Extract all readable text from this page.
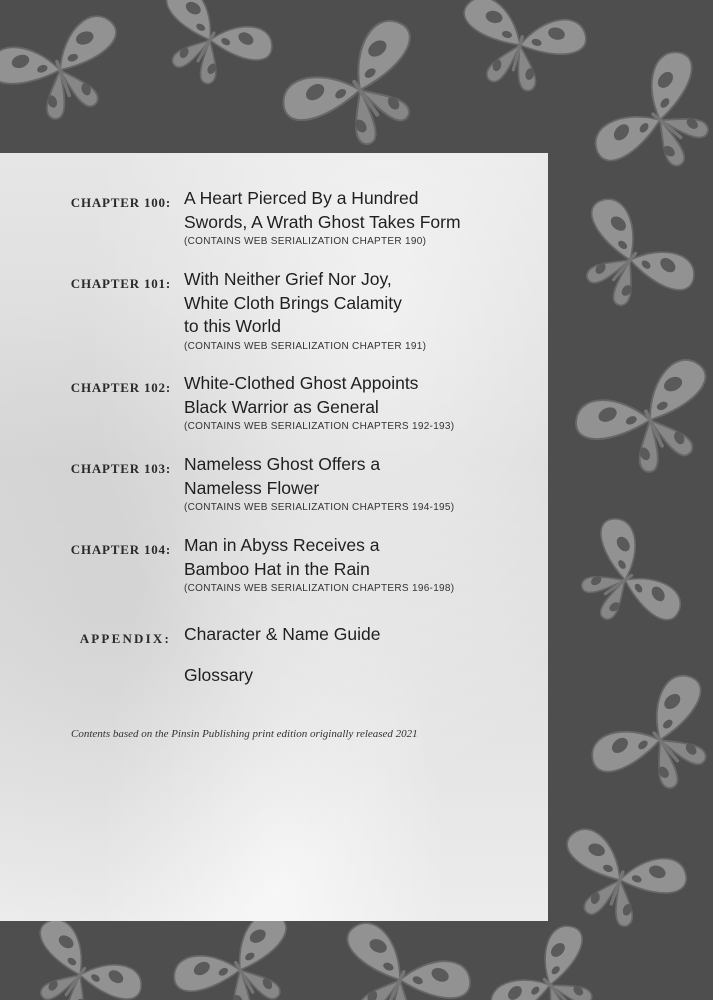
CHAPTER 100: A Heart Pierced By a Hundred
Swords, A Wrath Ghost Takes Form
(CONTAINS WEB SERIALIZATION CHAPTER 190)
CHAPTER 101: With Neither Grief Nor Joy,
White Cloth Brings Calamity
to this World
(CONTAINS WEB SERIALIZATION CHAPTER 191)
CHAPTER 102: White-Clothed Ghost Appoints
Black Warrior as General
(CONTAINS WEB SERIALIZATION CHAPTERS 192-193)
CHAPTER 103: Nameless Ghost Offers a
Nameless Flower
(CONTAINS WEB SERIALIZATION CHAPTERS 194-195)
CHAPTER 104: Man in Abyss Receives a
Bamboo Hat in the Rain
(CONTAINS WEB SERIALIZATION CHAPTERS 196-198)
APPENDIX: Character & Name Guide
Glossary
Contents based on the Pinsin Publishing print edition originally released 2021
